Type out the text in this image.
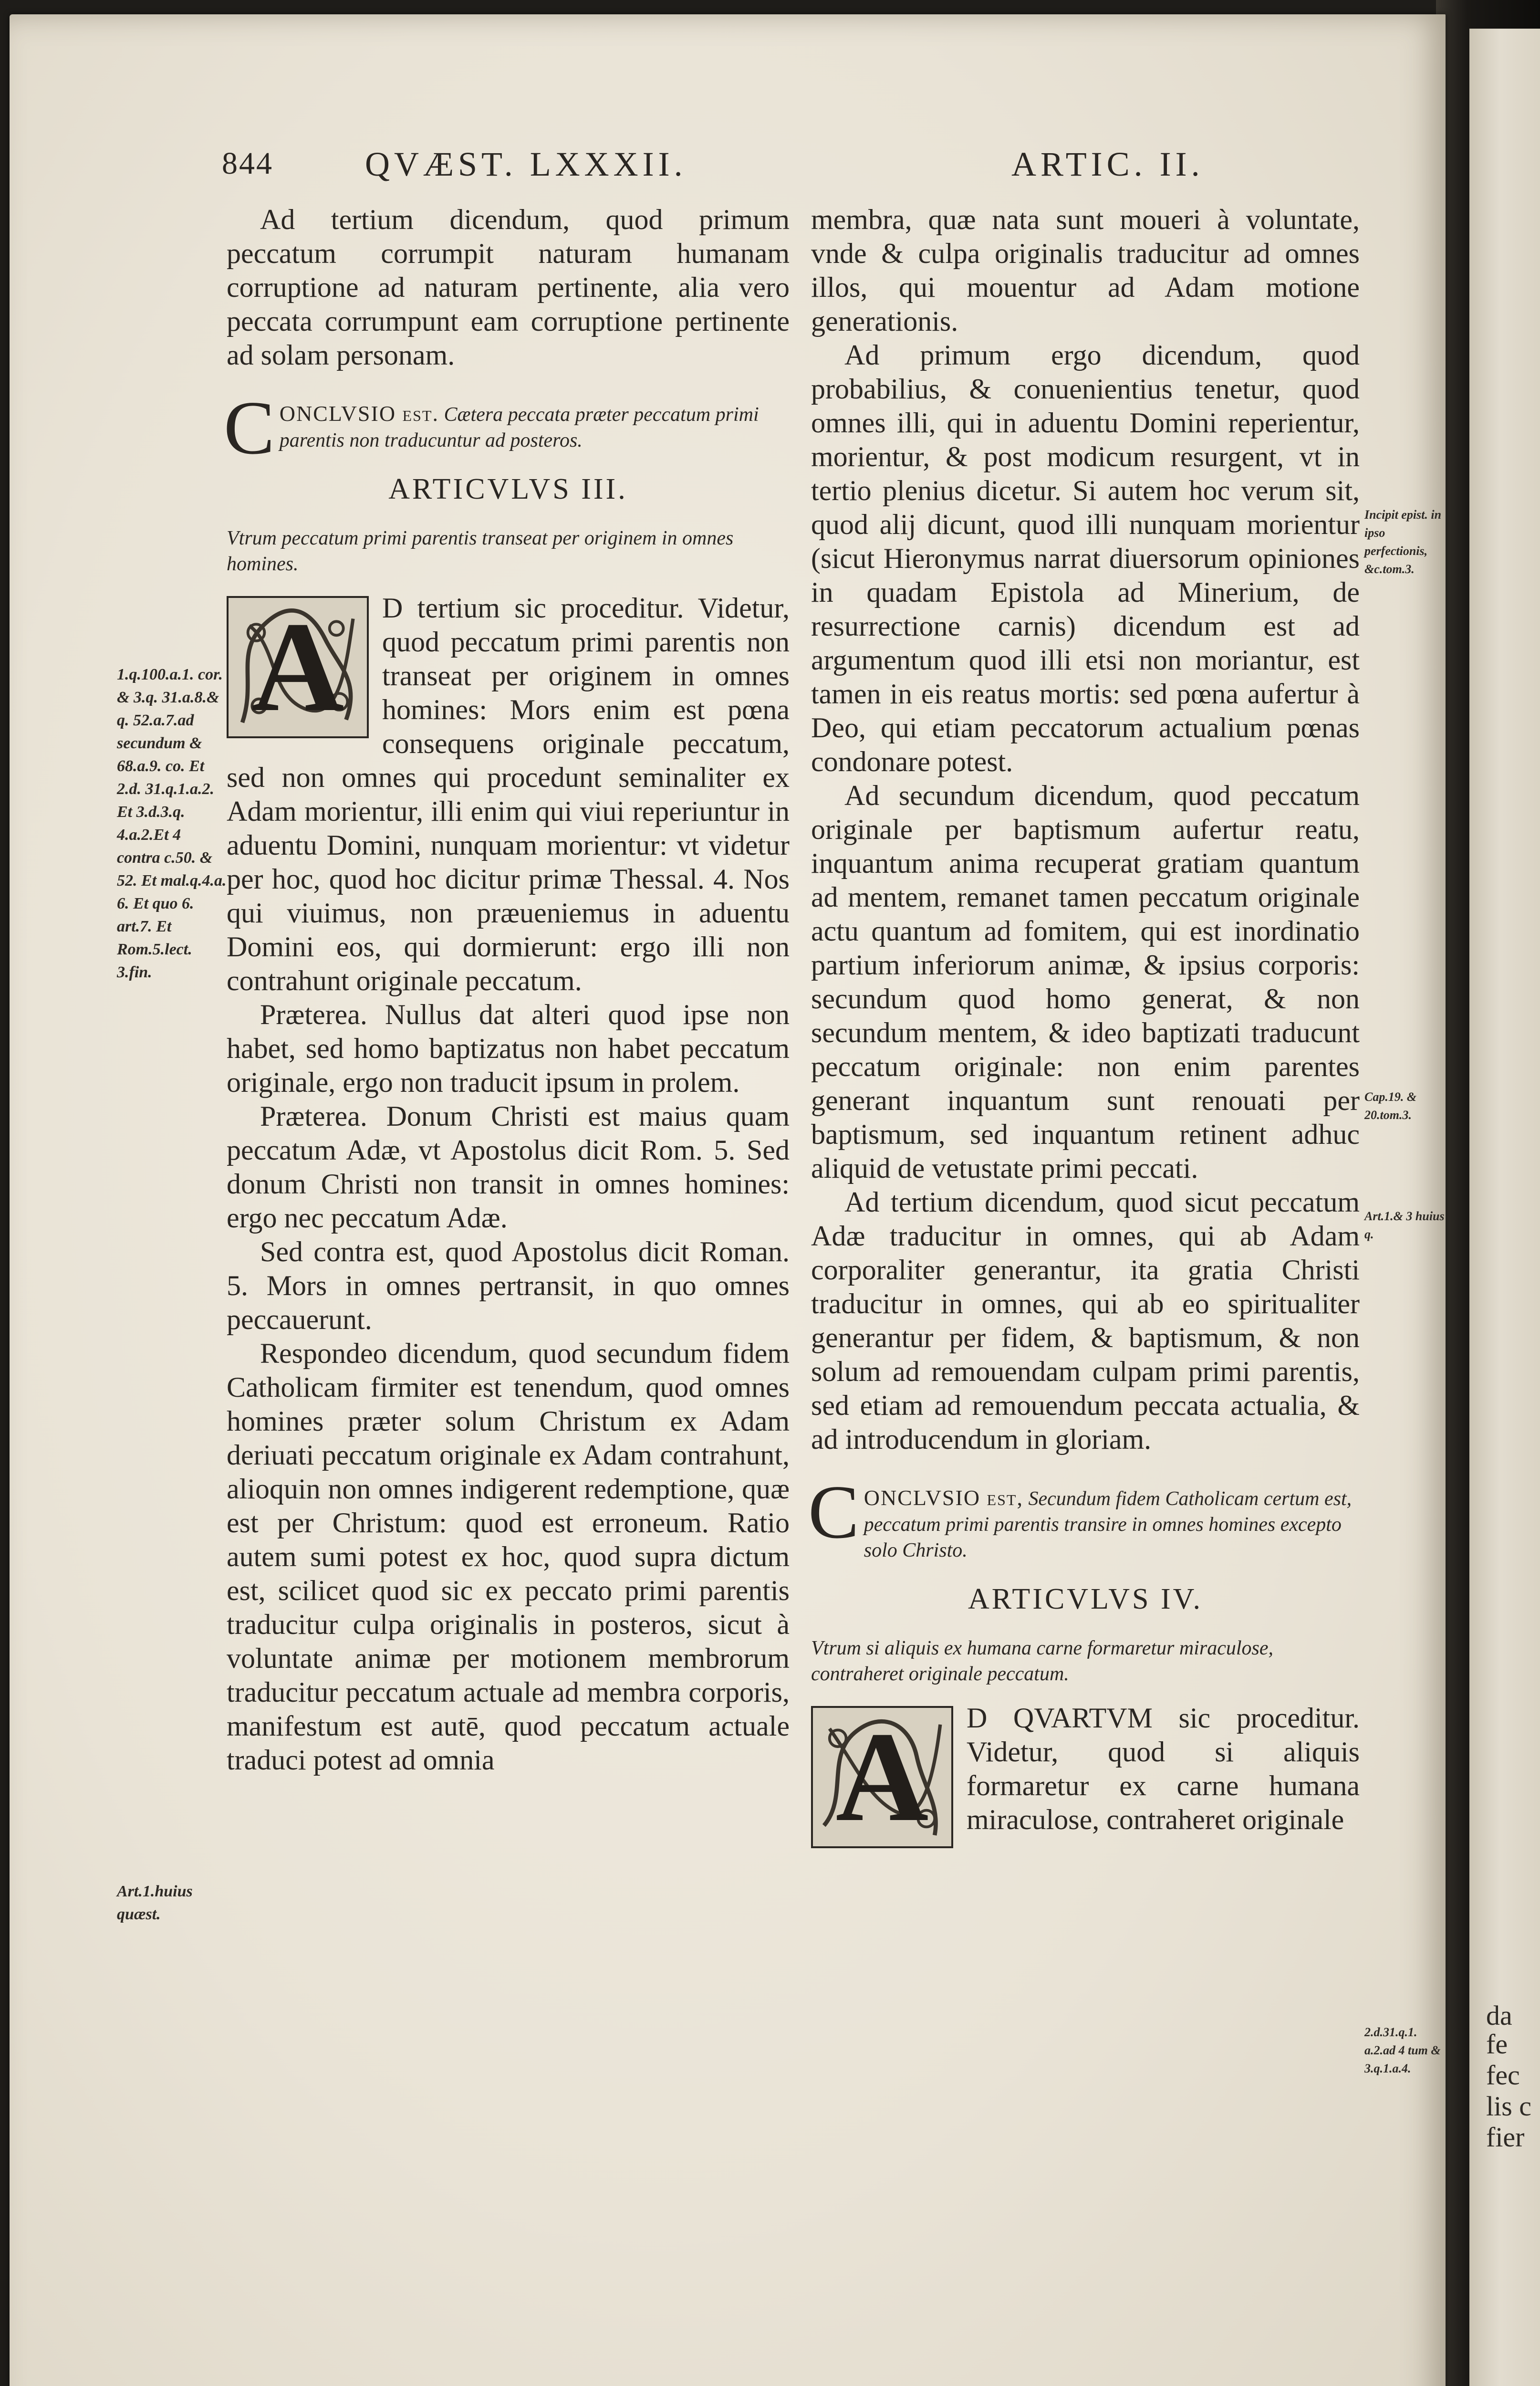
da
fe
fec
lis c
fier
844	QVÆST. LXXXII.	ARTIC. II.

Ad tertium dicendum, quod primum peccatum corrumpit naturam humanam corruptione ad naturam pertinente, alia vero peccata corrumpunt eam corruptione pertinente ad solam personam.

C ONCLVSIO est. Cætera peccata præter peccatum primi parentis non traducuntur ad posteros.
ARTICVLVS III.

Vtrum peccatum primi parentis transeat per originem in omnes homines.

A	D tertium sic proceditur. Videtur, quod peccatum primi parentis non transeat per originem in omnes homines: Mors enim est pœna consequens originale peccatum, sed non omnes qui procedunt seminaliter ex Adam morientur, illi enim qui viui reperiuntur in aduentu Domini, nunquam morientur: vt videtur per hoc, quod hoc dicitur primæ Thessal. 4. Nos qui viuimus, non præueniemus in aduentu Domini eos, qui dormierunt: ergo illi non contrahunt originale peccatum.

Præterea. Nullus dat alteri quod ipse non habet, sed homo baptizatus non habet peccatum originale, ergo non traducit ipsum in prolem.

Præterea. Donum Christi est maius quam peccatum Adæ, vt Apostolus dicit Rom. 5. Sed donum Christi non transit in omnes homines: ergo nec peccatum Adæ.

Sed contra est, quod Apostolus dicit Roman. 5. Mors in omnes pertransit, in quo omnes peccauerunt.

Respondeo dicendum, quod secundum fidem Catholicam firmiter est tenendum, quod omnes homines præter solum Christum ex Adam deriuati peccatum originale ex Adam contrahunt, alioquin non omnes indigerent redemptione, quæ est per Christum: quod est erroneum. Ratio autem sumi potest ex hoc, quod supra dictum est, scilicet quod sic ex peccato primi parentis traducitur culpa originalis in posteros, sicut à voluntate animæ per motionem membrorum traducitur peccatum actuale ad membra corporis, manifestum est autē, quod peccatum actuale traduci potest ad omnia

membra, quæ nata sunt moueri à voluntate, vnde & culpa originalis traducitur ad omnes illos, qui mouentur ad Adam motione generationis.

Ad primum ergo dicendum, quod probabilius, & conuenientius tenetur, quod omnes illi, qui in aduentu Domini reperientur, morientur, & post modicum resurgent, vt in tertio plenius dicetur. Si autem hoc verum sit, quod alij dicunt, quod illi nunquam morientur (sicut Hieronymus narrat diuersorum opiniones in quadam Epistola ad Minerium, de resurrectione carnis) dicendum est ad argumentum quod illi etsi non moriantur, est tamen in eis reatus mortis: sed pœna aufertur à Deo, qui etiam peccatorum actualium pœnas condonare potest.

Ad secundum dicendum, quod peccatum originale per baptismum aufertur reatu, inquantum anima recuperat gratiam quantum ad mentem, remanet tamen peccatum originale actu quantum ad fomitem, qui est inordinatio partium inferiorum animæ, & ipsius corporis: secundum quod homo generat, & non secundum mentem, & ideo baptizati traducunt peccatum originale: non enim parentes generant inquantum sunt renouati per baptismum, sed inquantum retinent adhuc aliquid de vetustate primi peccati.

Ad tertium dicendum, quod sicut peccatum Adæ traducitur in omnes, qui ab Adam corporaliter generantur, ita gratia Christi traducitur in omnes, qui ab eo spiritualiter generantur per fidem, & baptismum, & non solum ad remouendam culpam primi parentis, sed etiam ad remouendum peccata actualia, & ad introducendum in gloriam.

C ONCLVSIO est, Secundum fidem Catholicam certum est, peccatum primi parentis transire in omnes homines excepto solo Christo.
ARTICVLVS IV.

Vtrum si aliquis ex humana carne formaretur miraculose, contraheret originale peccatum.

A	D QVARTVM sic proceditur. Videtur, quod si aliquis formaretur ex carne humana miraculose, contraheret originale

1.q.100.a.1. cor. & 3.q. 31.a.8.& q. 52.a.7.ad secundum & 68.a.9. co. Et 2.d. 31.q.1.a.2. Et 3.d.3.q. 4.a.2.Et 4 contra c.50. & 52. Et mal.q.4.a. 6. Et quo 6. art.7. Et Rom.5.lect. 3.fin.
Art.1.huius quæst.
Incipit epist. in ipso perfectionis, &c.tom.3.
Cap.19. & 20.tom.3.
Art.1.& 3 huius q.
2.d.31.q.1. a.2.ad 4 tum & 3.q.1.a.4.
